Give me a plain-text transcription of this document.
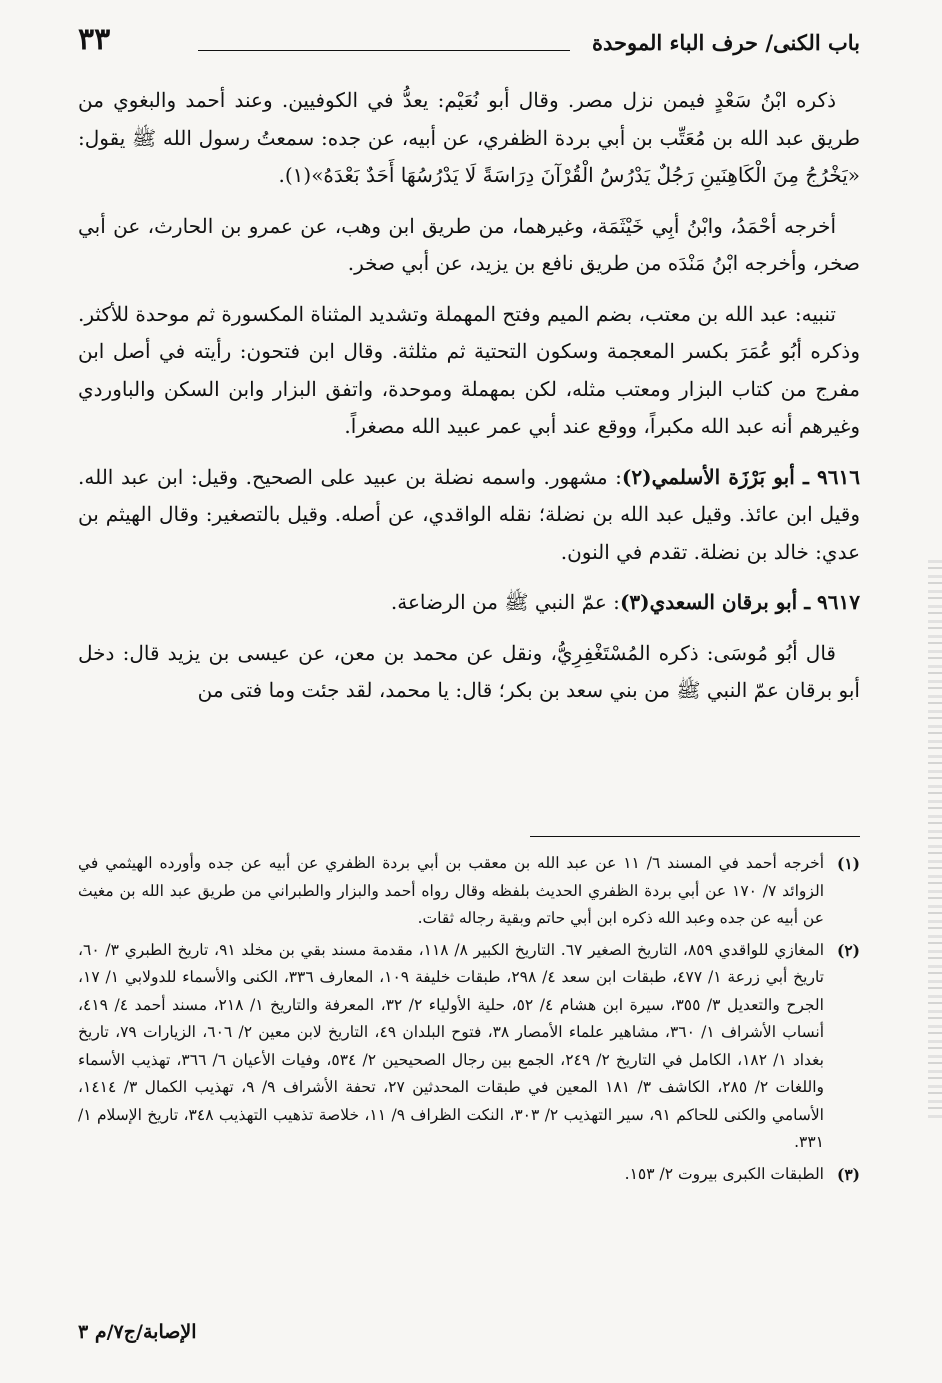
باب الكنى/ حرف الباء الموحدة
٣٣

ذكره ابْنُ سَعْدٍ فيمن نزل مصر. وقال أبو نُعَيْم: يعدُّ في الكوفيين. وعند أحمد والبغوي من طريق عبد الله بن مُعَتِّب بن أبي بردة الظفري، عن أبيه، عن جده: سمعتُ رسول الله ﷺ يقول: «يَخْرُجُ مِنَ الْكَاهِنَينِ رَجُلٌ يَدْرُسُ الْقُرْآنَ دِرَاسَةً لَا يَدْرُسُهَا أَحَدٌ بَعْدَهُ»(١).

أخرجه أحْمَدُ، وابْنُ أبِي خَيْثَمَة، وغيرهما، من طريق ابن وهب، عن عمرو بن الحارث، عن أبي صخر، وأخرجه ابْنُ مَنْدَه من طريق نافع بن يزيد، عن أبي صخر.

تنبيه: عبد الله بن معتب، بضم الميم وفتح المهملة وتشديد المثناة المكسورة ثم موحدة للأكثر. وذكره أبُو عُمَرَ بكسر المعجمة وسكون التحتية ثم مثلثة. وقال ابن فتحون: رأيته في أصل ابن مفرج من كتاب البزار ومعتب مثله، لكن بمهملة وموحدة، واتفق البزار وابن السكن والباوردي وغيرهم أنه عبد الله مكبراً، ووقع عند أبي عمر عبيد الله مصغراً.

٩٦١٦ ـ أبو بَرْزَة الأسلمي(٢): مشهور. واسمه نضلة بن عبيد على الصحيح. وقيل: ابن عبد الله. وقيل ابن عائذ. وقيل عبد الله بن نضلة؛ نقله الواقدي، عن أصله. وقيل بالتصغير: وقال الهيثم بن عدي: خالد بن نضلة. تقدم في النون.

٩٦١٧ ـ أبو برقان السعدي(٣): عمّ النبي ﷺ من الرضاعة.

قال أبُو مُوسَى: ذكره المُسْتَغْفِرِيُّ، ونقل عن محمد بن معن، عن عيسى بن يزيد قال: دخل أبو برقان عمّ النبي ﷺ من بني سعد بن بكر؛ قال: يا محمد، لقد جئت وما فتى من

(١)
أخرجه أحمد في المسند ٦/ ١١ عن عبد الله بن معقب بن أبي بردة الظفري عن أبيه عن جده وأورده الهيثمي في الزوائد ٧/ ١٧٠ عن أبي بردة الظفري الحديث بلفظه وقال رواه أحمد والبزار والطبراني من طريق عبد الله بن مغيث عن أبيه عن جده وعبد الله ذكره ابن أبي حاتم وبقية رجاله ثقات.
(٢)
المغازي للواقدي ٨٥٩، التاريخ الصغير ٦٧. التاريخ الكبير ٨/ ١١٨، مقدمة مسند بقي بن مخلد ٩١، تاريخ الطبري ٣/ ٦٠، تاريخ أبي زرعة ١/ ٤٧٧، طبقات ابن سعد ٤/ ٢٩٨، طبقات خليفة ١٠٩، المعارف ٣٣٦، الكنى والأسماء للدولابي ١/ ١٧، الجرح والتعديل ٣/ ٣٥٥، سيرة ابن هشام ٤/ ٥٢، حلية الأولياء ٢/ ٣٢، المعرفة والتاريخ ١/ ٢١٨، مسند أحمد ٤/ ٤١٩، أنساب الأشراف ١/ ٣٦٠، مشاهير علماء الأمصار ٣٨، فتوح البلدان ٤٩، التاريخ لابن معين ٢/ ٦٠٦، الزيارات ٧٩، تاريخ بغداد ١/ ١٨٢، الكامل في التاريخ ٢/ ٢٤٩، الجمع بين رجال الصحيحين ٢/ ٥٣٤، وفيات الأعيان ٦/ ٣٦٦، تهذيب الأسماء واللغات ٢/ ٢٨٥، الكاشف ٣/ ١٨١ المعين في طبقات المحدثين ٢٧، تحفة الأشراف ٩/ ٩، تهذيب الكمال ٣/ ١٤١٤، الأسامي والكنى للحاكم ٩١، سير التهذيب ٢/ ٣٠٣، النكت الظراف ٩/ ١١، خلاصة تذهيب التهذيب ٣٤٨، تاريخ الإسلام ١/ ٣٣١.
(٣)
الطبقات الكبرى بيروت ٢/ ١٥٣.
الإصابة/ج٧/م ٣
